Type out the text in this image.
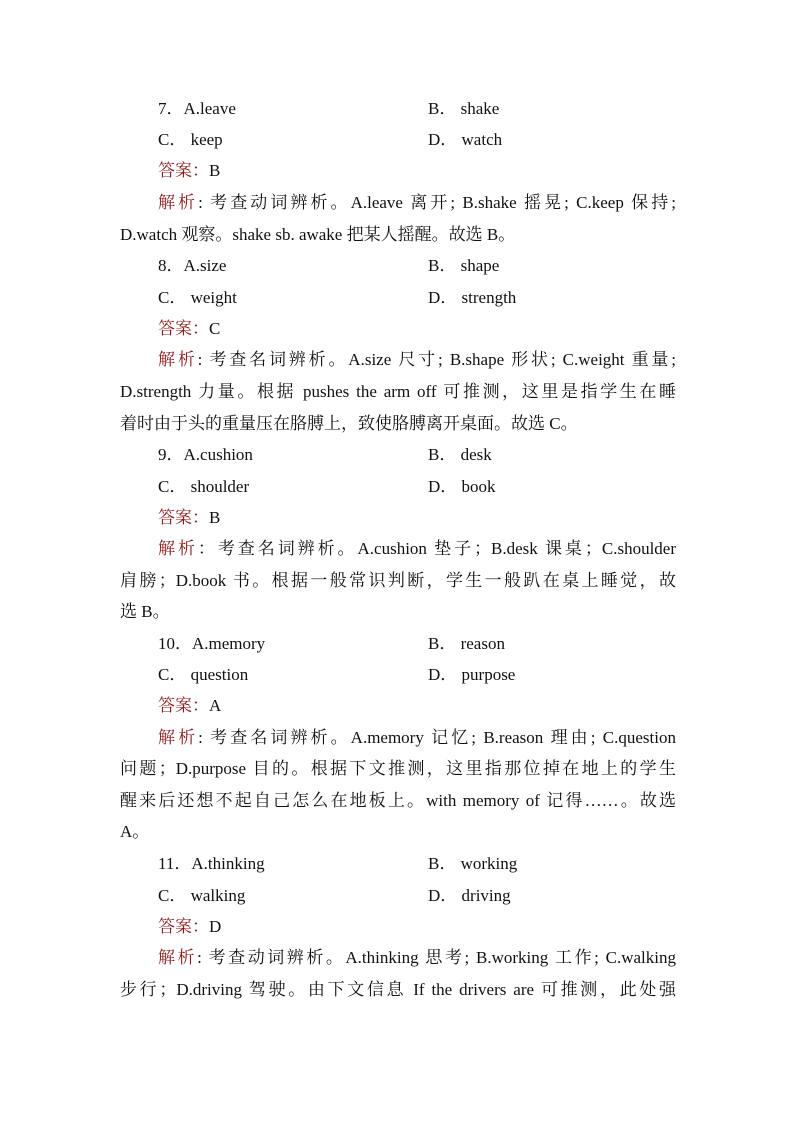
7．A.leave	B． shake
C． keep	D． watch
答案：B
解析: 考查动词辨析。A.leave 离开; B.shake 摇晃; C.keep 保持;
D.watch 观察。shake sb. awake 把某人摇醒。故选 B。
8．A.size	B． shape
C． weight	D． strength
答案：C
解析: 考查名词辨析。A.size 尺寸; B.shape 形状; C.weight 重量;
D.strength 力量。根据 pushes the arm off 可推测，这里是指学生在睡
着时由于头的重量压在胳膊上，致使胳膊离开桌面。故选 C。
9．A.cushion	B． desk
C． shoulder	D． book
答案：B
解析：考查名词辨析。A.cushion 垫子；B.desk 课桌；C.shoulder
肩膀；D.book 书。根据一般常识判断，学生一般趴在桌上睡觉，故
选 B。
10．A.memory	B． reason
C． question	D． purpose
答案：A
解析: 考查名词辨析。A.memory 记忆; B.reason 理由; C.question
问题；D.purpose 目的。根据下文推测，这里指那位掉在地上的学生
醒来后还想不起自己怎么在地板上。with memory of 记得……。故选
A。
11．A.thinking	B． working
C． walking	D． driving
答案：D
解析: 考查动词辨析。A.thinking 思考; B.working 工作; C.walking
步行；D.driving 驾驶。由下文信息 If the drivers are 可推测，此处强
